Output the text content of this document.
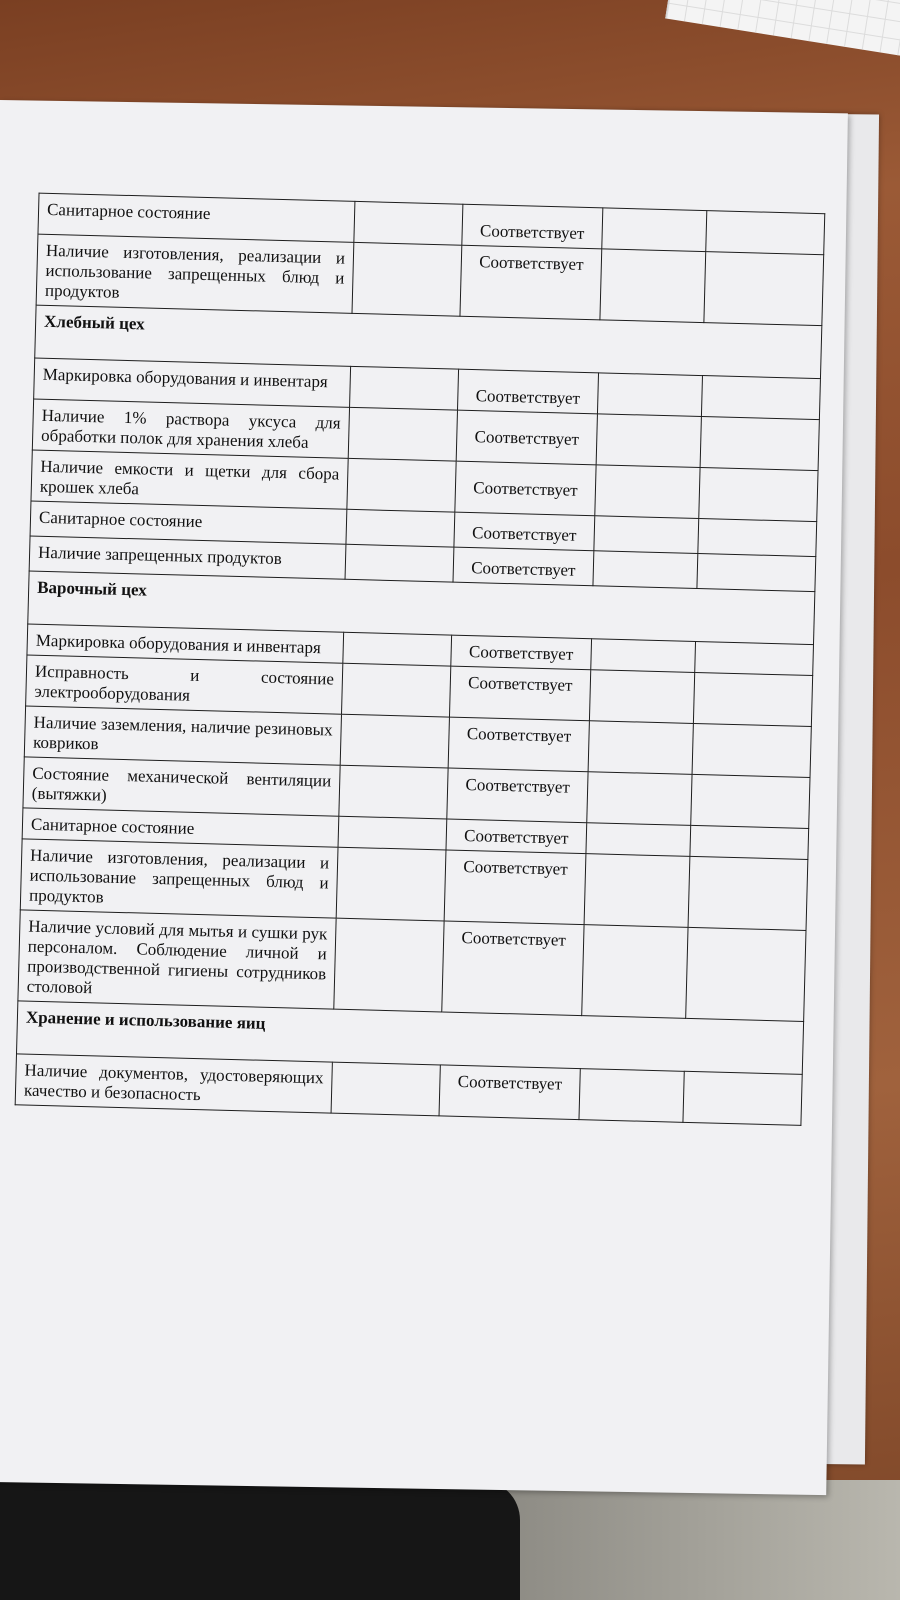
Санитарное состояние		Соответствует		
Наличие изготовления, реализации и использование запрещенных блюд и продуктов		Соответствует		
Хлебный цех				
Маркировка оборудования и инвентаря		Соответствует		
Наличие 1% раствора уксуса для обработки полок для хранения хлеба		Соответствует		
Наличие емкости и щетки для сбора крошек хлеба		Соответствует		
Санитарное состояние		Соответствует		
Наличие запрещенных продуктов		Соответствует		
Варочный цех				
Маркировка оборудования и инвентаря		Соответствует		
Исправность и состояние электрооборудования		Соответствует		
Наличие заземления, наличие резиновых ковриков		Соответствует		
Состояние механической вентиляции (вытяжки)		Соответствует		
Санитарное состояние		Соответствует		
Наличие изготовления, реализации и использование запрещенных блюд и продуктов		Соответствует		
Наличие условий для мытья и сушки рук персоналом. Соблюдение личной и производственной гигиены сотрудников столовой		Соответствует		
Хранение и использование яиц				
Наличие документов, удостоверяющих качество и безопасность		Соответствует		
